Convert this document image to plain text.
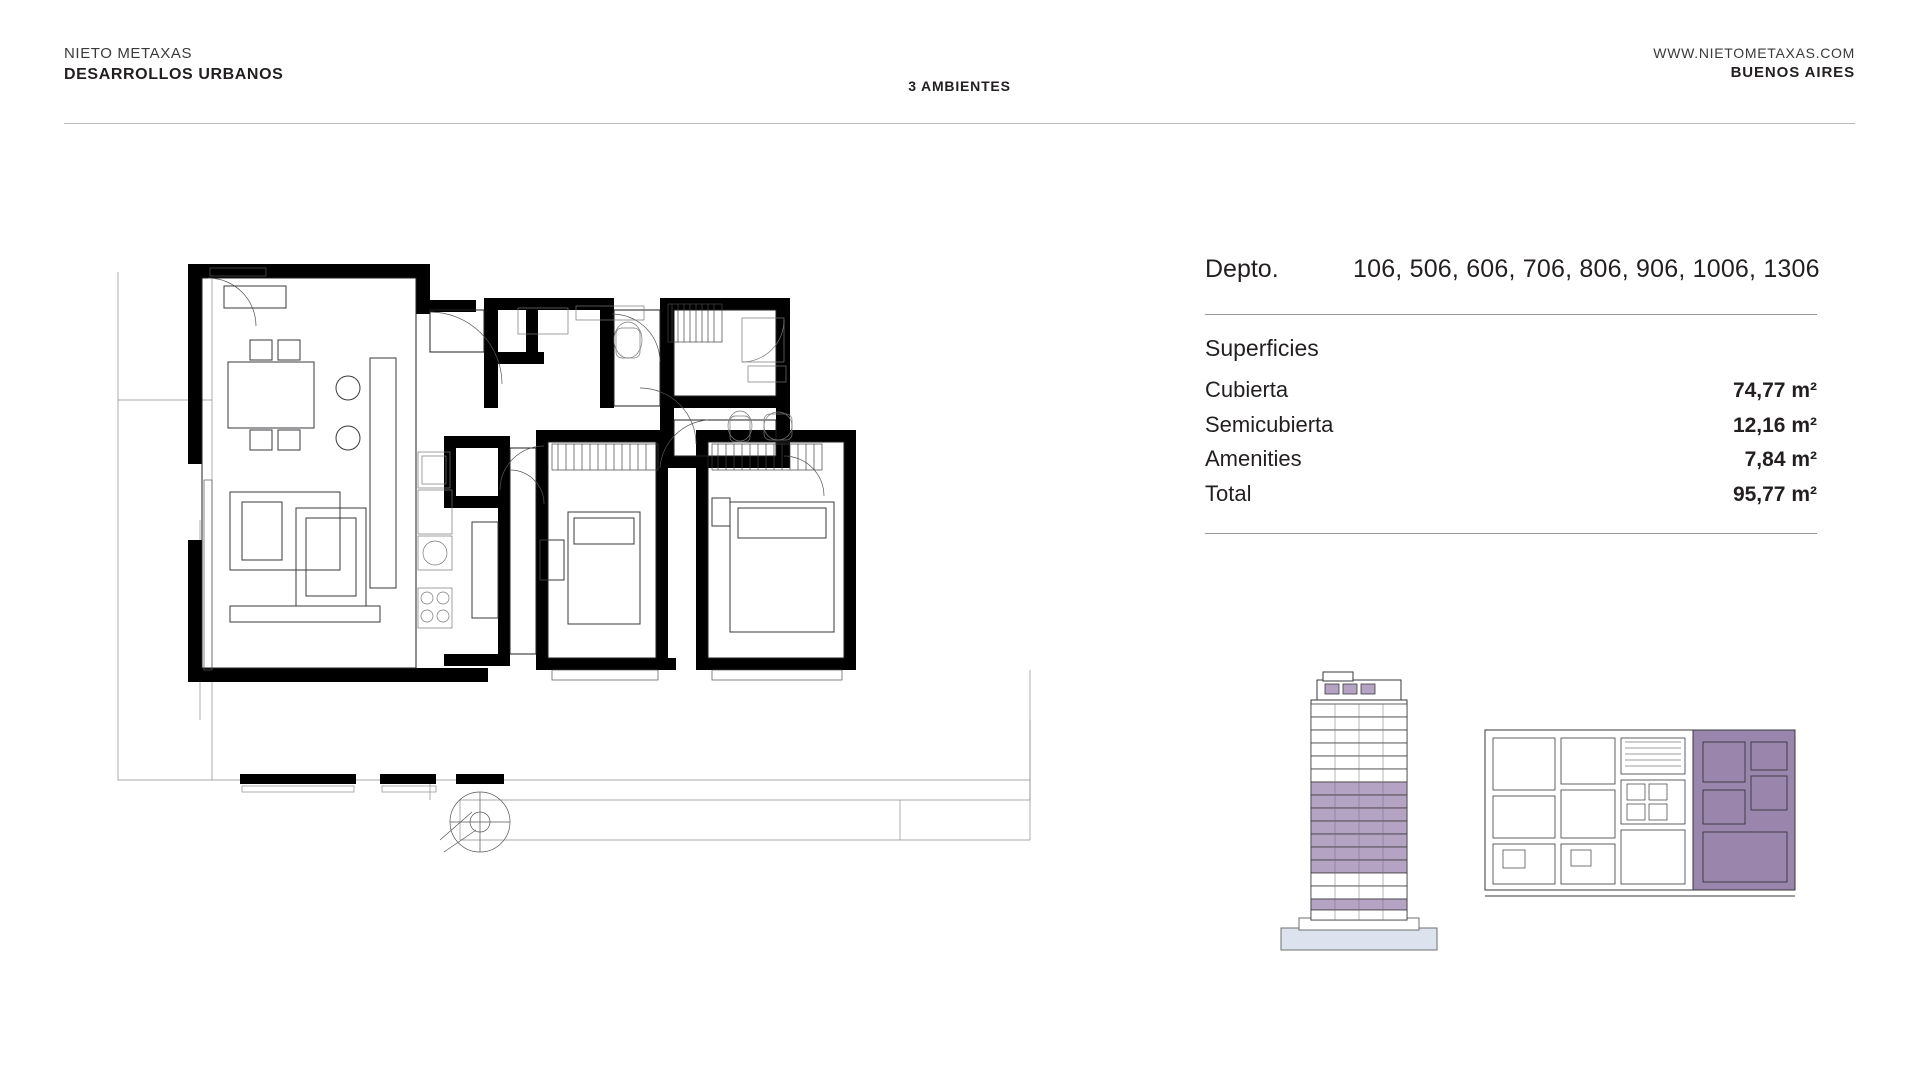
NIETO METAXAS
DESARROLLOS URBANOS
3 AMBIENTES
WWW.NIETOMETAXAS.COM
BUENOS AIRES
Depto.	106, 506, 606, 706, 806, 906, 1006, 1306
Superficies
Cubierta	74,77 m²
Semicubierta	12,16 m²
Amenities	7,84 m²
Total	95,77 m²
